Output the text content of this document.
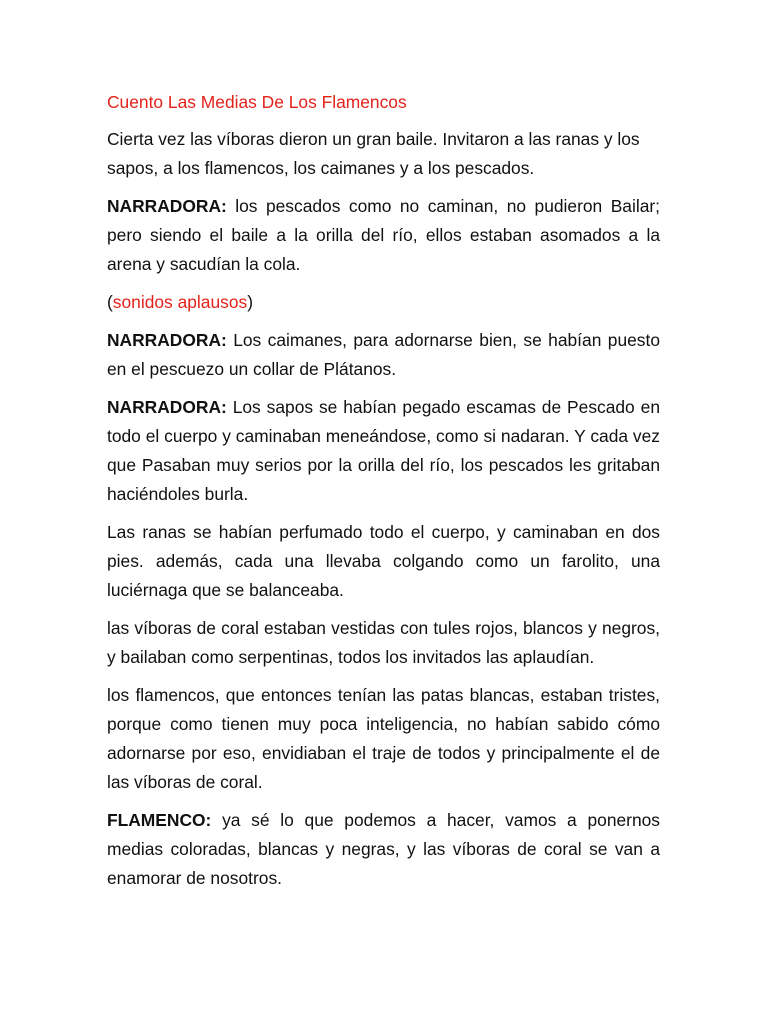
Cuento Las Medias De Los Flamencos

Cierta vez las víboras dieron un gran baile. Invitaron a las ranas y los sapos, a los flamencos, los caimanes y a los pescados.

NARRADORA: los pescados como no caminan, no pudieron Bailar; pero siendo el baile a la orilla del río, ellos estaban asomados a la arena y sacudían la cola.

(sonidos aplausos)

NARRADORA: Los caimanes, para adornarse bien, se habían puesto en el pescuezo un collar de Plátanos.

NARRADORA: Los sapos se habían pegado escamas de Pescado en todo el cuerpo y caminaban meneándose, como si nadaran. Y cada vez que Pasaban muy serios por la orilla del río, los pescados les gritaban haciéndoles burla.

Las ranas se habían perfumado todo el cuerpo, y caminaban en dos pies. además, cada una llevaba colgando como un farolito, una luciérnaga que se balanceaba.

las víboras de coral estaban vestidas con tules rojos, blancos y negros, y bailaban como serpentinas, todos los invitados las aplaudían.

los flamencos, que entonces tenían las patas blancas, estaban tristes, porque como tienen muy poca inteligencia, no habían sabido cómo adornarse por eso, envidiaban el traje de todos y principalmente el de las víboras de coral.

FLAMENCO: ya sé lo que podemos a hacer, vamos a ponernos medias coloradas, blancas y negras, y las víboras de coral se van a enamorar de nosotros.
